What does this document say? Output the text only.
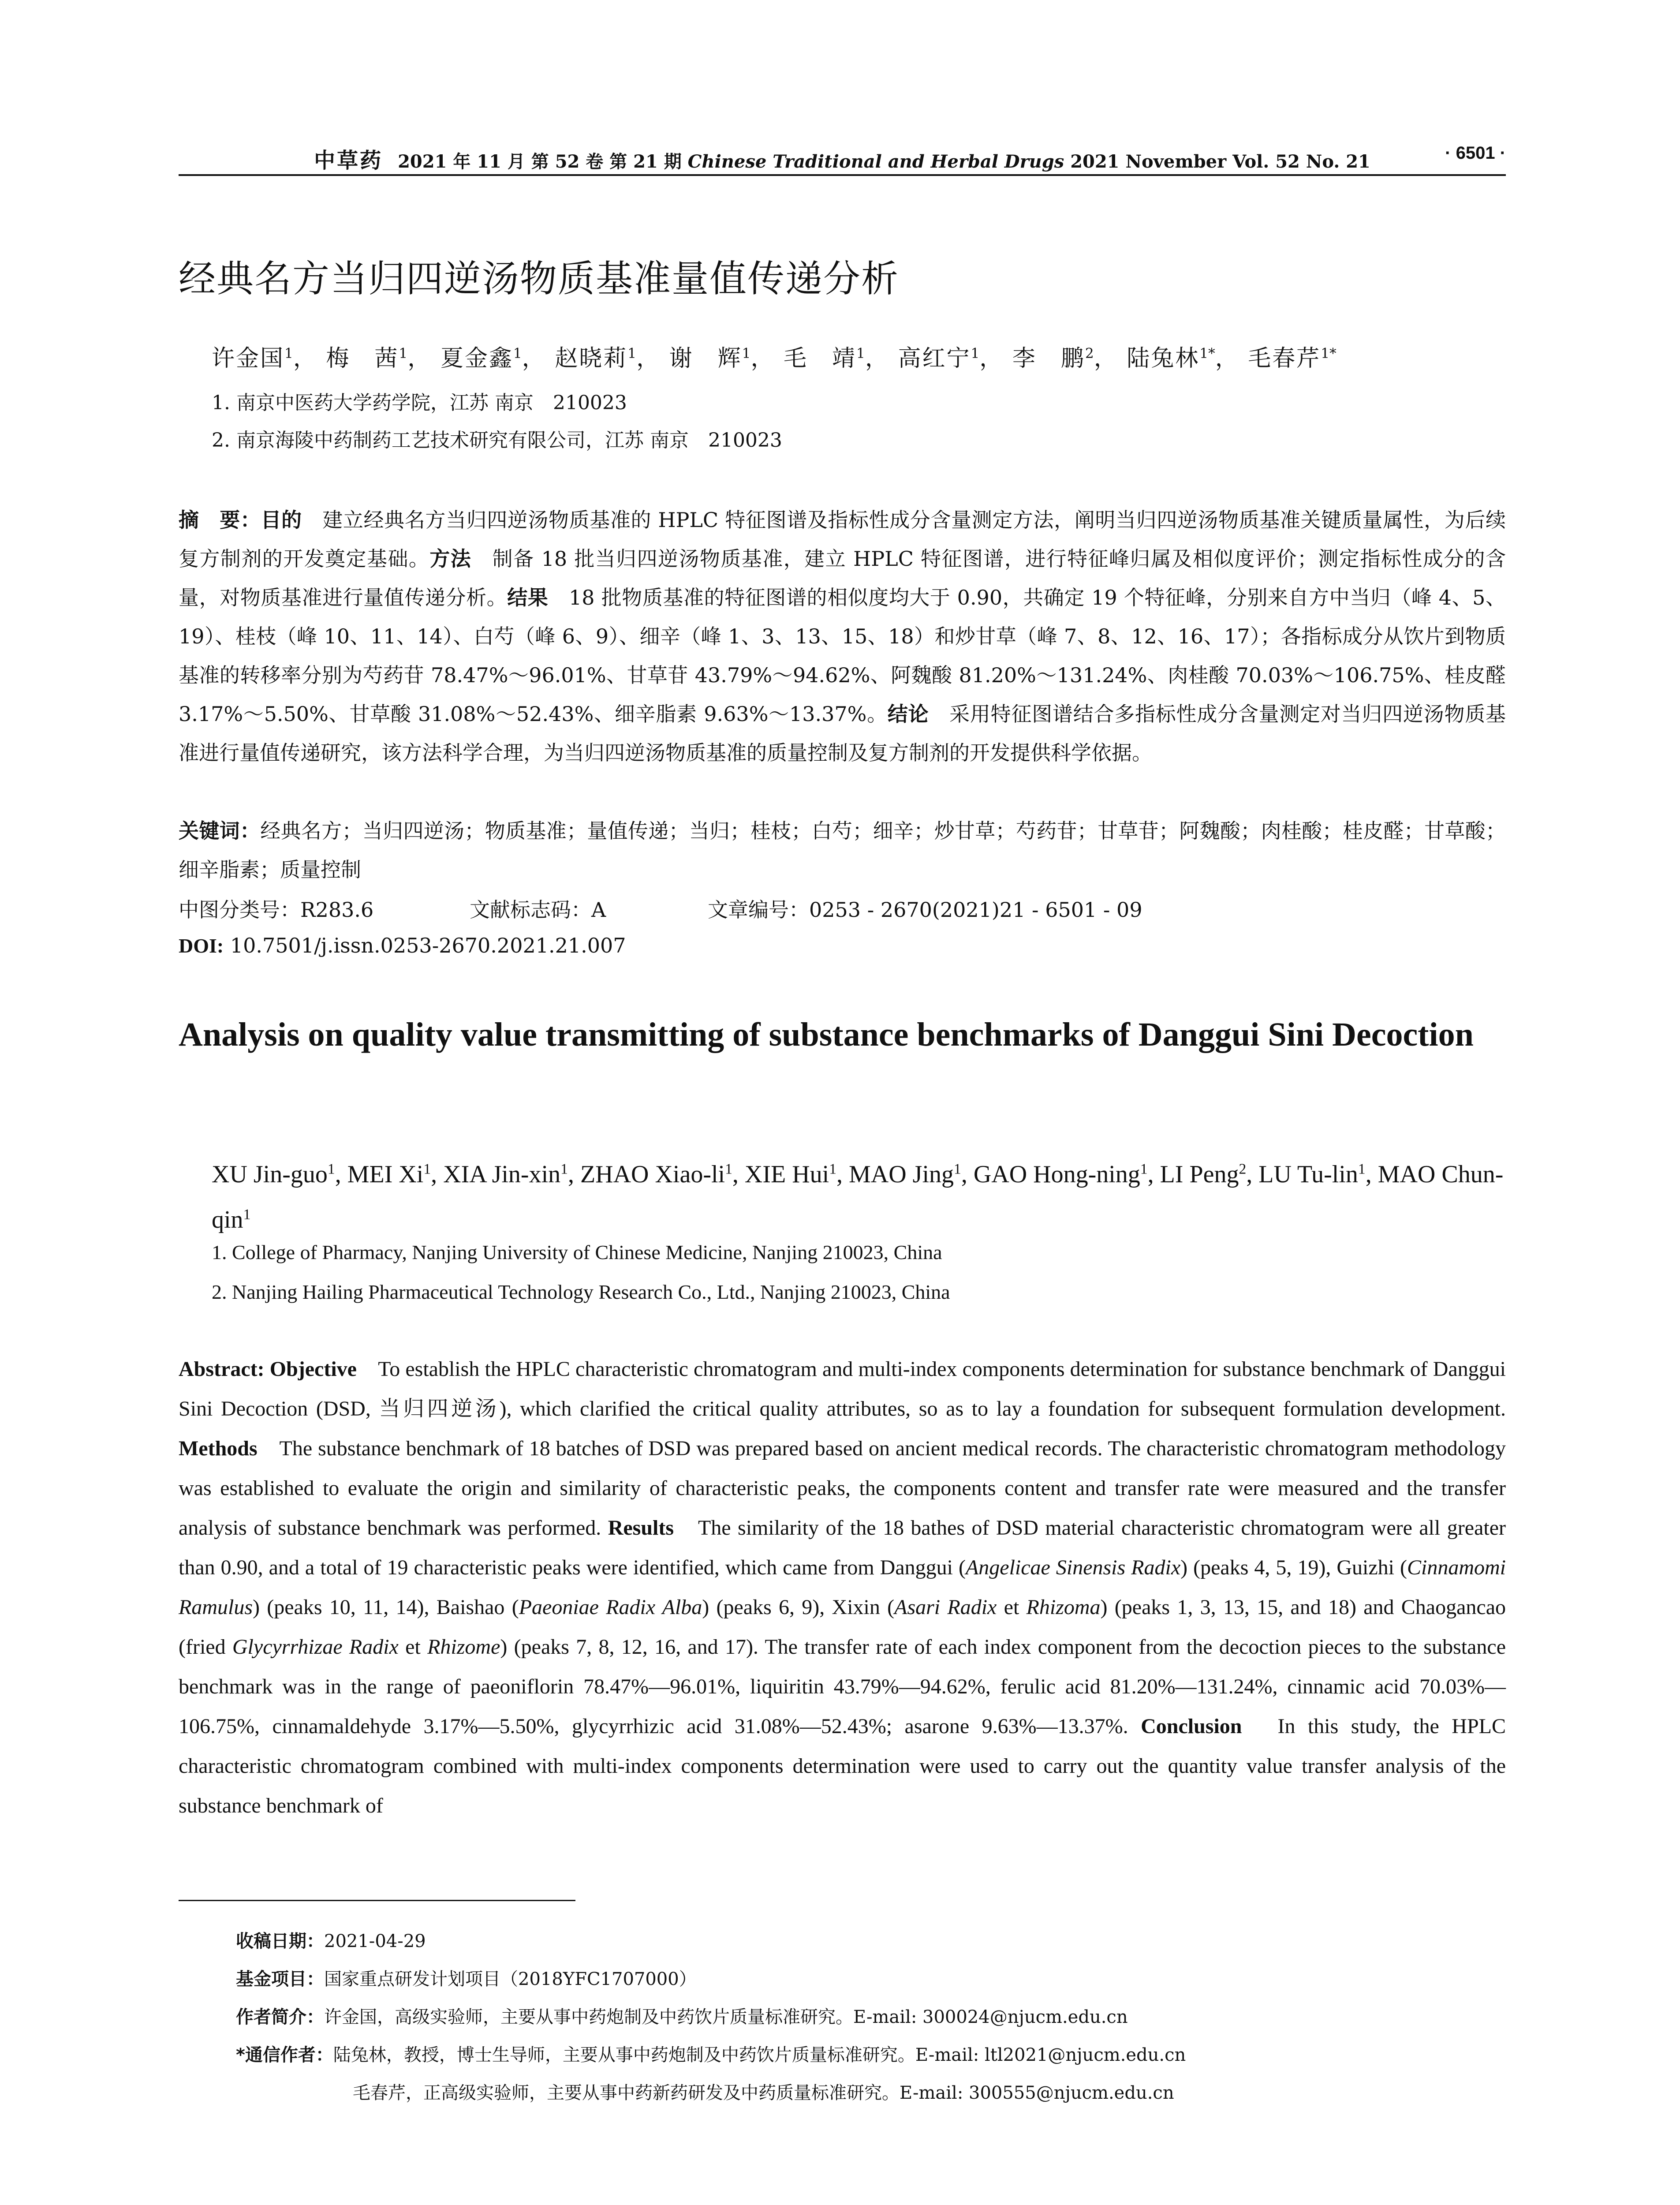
中草药 2021 年 11 月 第 52 卷 第 21 期 Chinese Traditional and Herbal Drugs 2021 November Vol. 52 No. 21	· 6501 ·
经典名方当归四逆汤物质基准量值传递分析
许金国$^1$， 梅　茜$^1$， 夏金鑫$^1$， 赵晓莉$^1$， 谢　辉$^1$， 毛　靖$^1$， 高红宁$^1$， 李　鹏$^2$， 陆兔林$^{1*}$， 毛春芹$^{1*}$
1. 南京中医药大学药学院，江苏 南京　210023
2. 南京海陵中药制药工艺技术研究有限公司，江苏 南京　210023
摘　要：目的　建立经典名方当归四逆汤物质基准的 HPLC 特征图谱及指标性成分含量测定方法，阐明当归四逆汤物质基准关键质量属性，为后续复方制剂的开发奠定基础。方法　制备 18 批当归四逆汤物质基准，建立 HPLC 特征图谱，进行特征峰归属及相似度评价；测定指标性成分的含量，对物质基准进行量值传递分析。结果　18 批物质基准的特征图谱的相似度均大于 0.90，共确定 19 个特征峰，分别来自方中当归（峰 4、5、19）、桂枝（峰 10、11、14）、白芍（峰 6、9）、细辛（峰 1、3、13、15、18）和炒甘草（峰 7、8、12、16、17）；各指标成分从饮片到物质基准的转移率分别为芍药苷 78.47%～96.01%、甘草苷 43.79%～94.62%、阿魏酸 81.20%～131.24%、肉桂酸 70.03%～106.75%、桂皮醛 3.17%～5.50%、甘草酸 31.08%～52.43%、细辛脂素 9.63%～13.37%。结论　采用特征图谱结合多指标性成分含量测定对当归四逆汤物质基准进行量值传递研究，该方法科学合理，为当归四逆汤物质基准的质量控制及复方制剂的开发提供科学依据。
关键词：经典名方；当归四逆汤；物质基准；量值传递；当归；桂枝；白芍；细辛；炒甘草；芍药苷；甘草苷；阿魏酸；肉桂酸；桂皮醛；甘草酸；细辛脂素；质量控制
中图分类号：R283.6	文献标志码：A	文章编号：0253 - 2670(2021)21 - 6501 - 09
DOI: 10.7501/j.issn.0253-2670.2021.21.007
Analysis on quality value transmitting of substance benchmarks of Danggui Sini Decoction
XU Jin-guo$^1$, MEI Xi$^1$, XIA Jin-xin$^1$, ZHAO Xiao-$li^1$, XIE Hui$^1$, MAO Jing$^1$, GAO Hong-ning$^1$, LI Peng$^2$, LU Tu-lin$^1$, MAO Chun-qin$^1$
1. College of Pharmacy, Nanjing University of Chinese Medicine, Nanjing 210023, China
2. Nanjing Hailing Pharmaceutical Technology Research Co., Ltd., Nanjing 210023, China
Abstract: Objective　To establish the HPLC characteristic chromatogram and multi-index components determination for substance benchmark of Danggui Sini Decoction (DSD, 当归四逆汤), which clarified the critical quality attributes, so as to lay a foundation for subsequent formulation development. Methods　The substance benchmark of 18 batches of DSD was prepared based on ancient medical records. The characteristic chromatogram methodology was established to evaluate the origin and similarity of characteristic peaks, the components content and transfer rate were measured and the transfer analysis of substance benchmark was performed. Results　The similarity of the 18 bathes of DSD material characteristic chromatogram were all greater than 0.90, and a total of 19 characteristic peaks were identified, which came from Danggui (Angelicae Sinensis Radix) (peaks 4, 5, 19), Guizhi (Cinnamomi Ramulus) (peaks 10, 11, 14), Baishao (Paeoniae Radix Alba) (peaks 6, 9), Xixin (Asari Radix et Rhizoma) (peaks 1, 3, 13, 15, and 18) and Chaogancao (fried Glycyrrhizae Radix et Rhizome) (peaks 7, 8, 12, 16, and 17). The transfer rate of each index component from the decoction pieces to the substance benchmark was in the range of paeoniflorin 78.47%—96.01%, liquiritin 43.79%—94.62%, ferulic acid 81.20%—131.24%, cinnamic acid 70.03%—106.75%, cinnamaldehyde 3.17%—5.50%, glycyrrhizic acid 31.08%—52.43%; asarone 9.63%—13.37%. Conclusion　In this study, the HPLC characteristic chromatogram combined with multi-index components determination were used to carry out the quantity value transfer analysis of the substance benchmark of
收稿日期：2021-04-29
基金项目：国家重点研发计划项目（2018YFC1707000）
作者简介：许金国，高级实验师，主要从事中药炮制及中药饮片质量标准研究。E-mail: 300024@njucm.edu.cn
*通信作者：陆兔林，教授，博士生导师，主要从事中药炮制及中药饮片质量标准研究。E-mail: ltl2021@njucm.edu.cn
毛春芹，正高级实验师，主要从事中药新药研发及中药质量标准研究。E-mail: 300555@njucm.edu.cn
